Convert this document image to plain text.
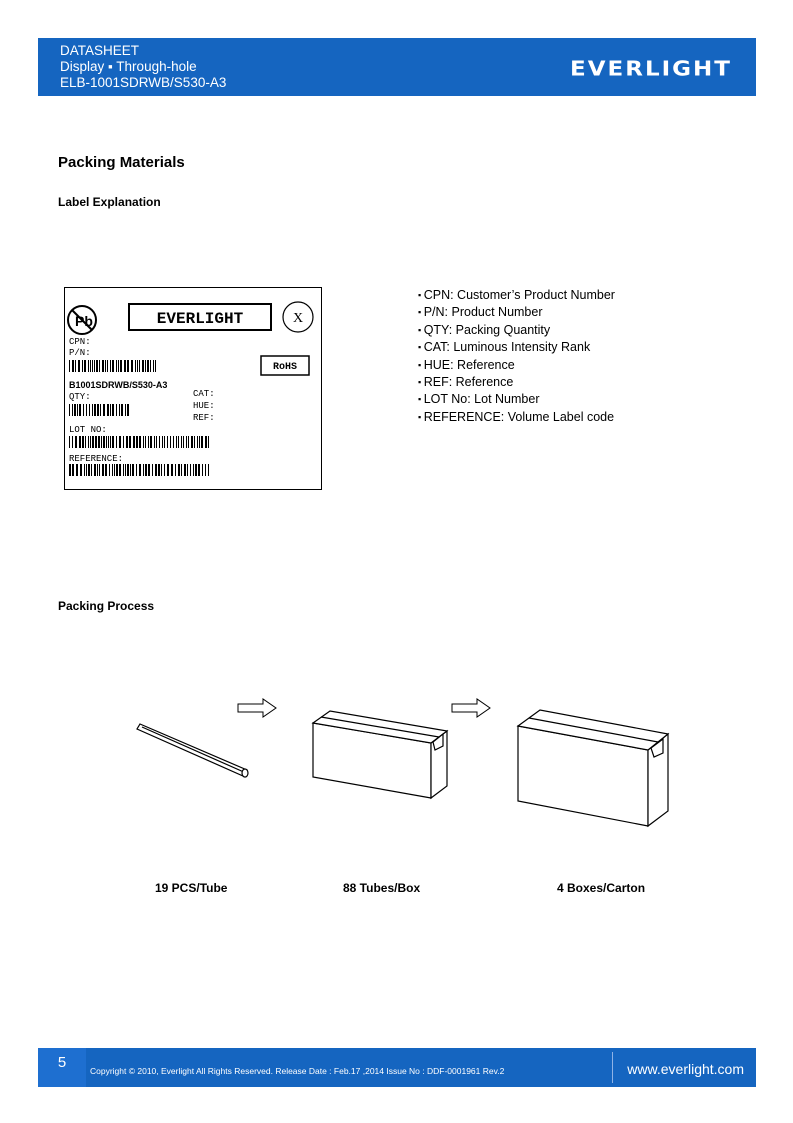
DATASHEET
Display ▪ Through-hole
ELB-1001SDRWB/S530-A3
EVERLIGHT
Packing Materials
Label Explanation
Pb	EVERLIGHT	X
RoHS
CPN:
P/N:
B1001SDRWB/S530-A3
QTY:	CAT:
HUE:
REF:
LOT NO:
REFERENCE:
▪ CPN: Customer’s Product Number
▪ P/N: Product Number
▪ QTY: Packing Quantity
▪ CAT: Luminous Intensity Rank
▪ HUE: Reference
▪ REF: Reference
▪ LOT No: Lot Number
▪ REFERENCE: Volume Label code
Packing Process
19 PCS/Tube	88 Tubes/Box	4 Boxes/Carton
5	Copyright © 2010, Everlight All Rights Reserved. Release Date : Feb.17 ,2014 Issue No : DDF-0001961 Rev.2	www.everlight.com
